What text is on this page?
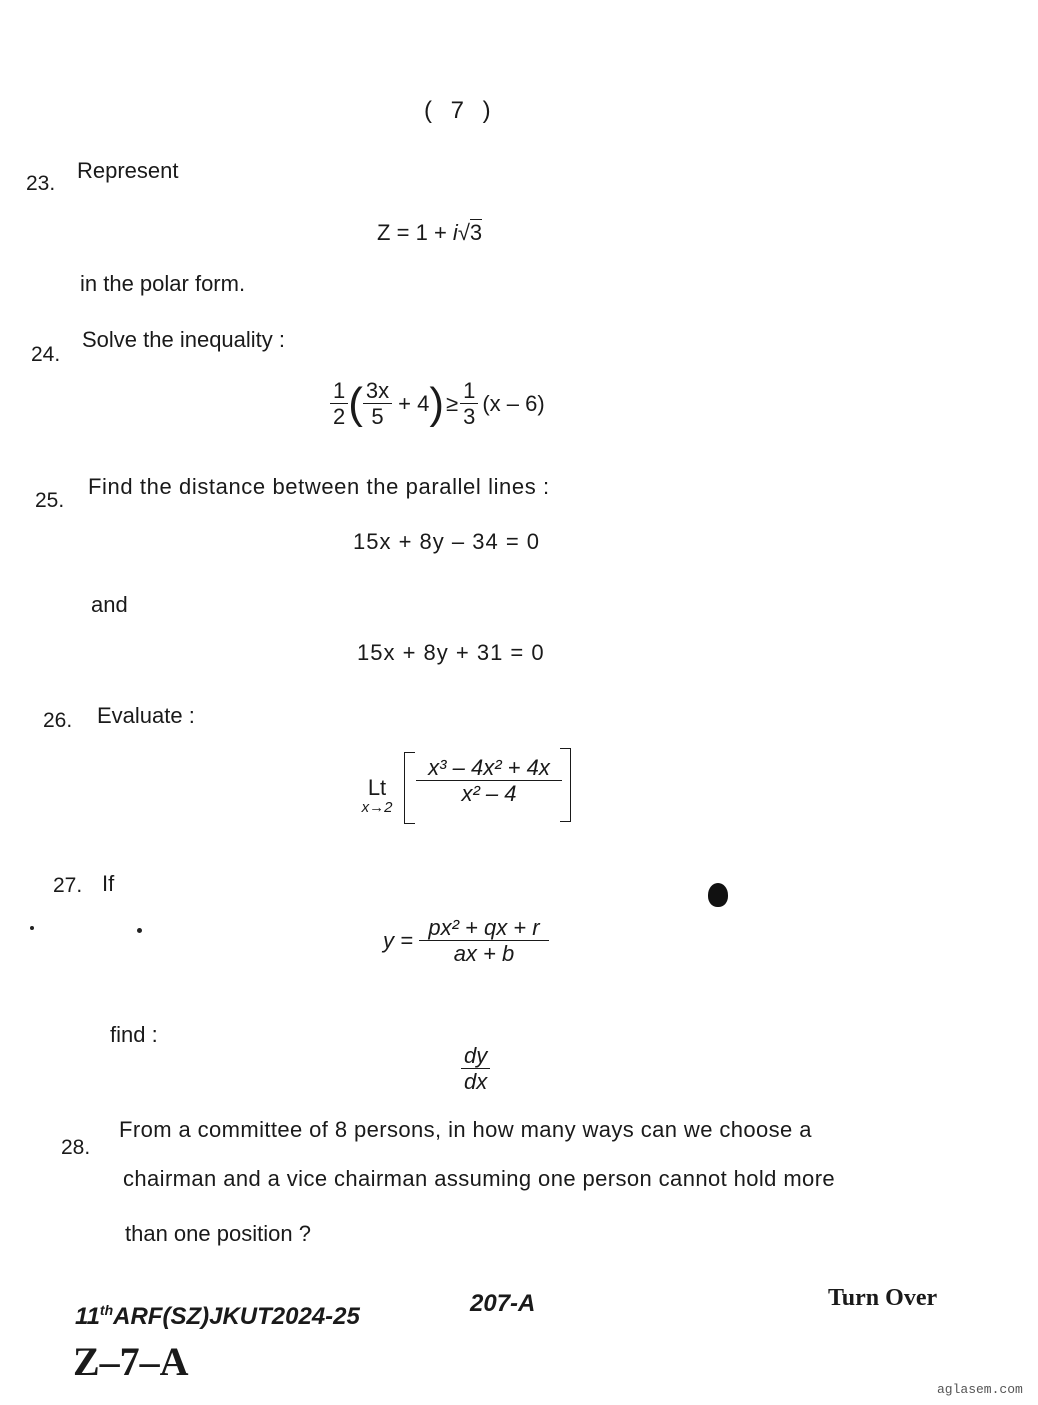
( 7 )
23.
Represent
Z = 1 + i√3
in the polar form.
24.
Solve the inequality :
$\frac{1}{2}$ ( $\frac{3x}{5} + 4$ ) ≥ $\frac{1}{3} (x - 6)$
25.
Find the distance between the parallel lines :
15x + 8y – 34 = 0
and
15x + 8y + 31 = 0
26. Evaluate :
Lt
x→2
$\frac{\text{x³ – 4x² + 4x}}{\text{x² – 4}}$
27. If
$y = \frac{\text{px² + qx + r}}{ax + b}$
find :
$\frac{dy}{dx}$
28.
From a committee of 8 persons, in how many ways can we choose a
chairman and a vice chairman assuming one person cannot hold more
than one position ?
11thARF(SZ)JKUT2024-25	207-A	Turn Over
Z–7–A
aglasem.com
